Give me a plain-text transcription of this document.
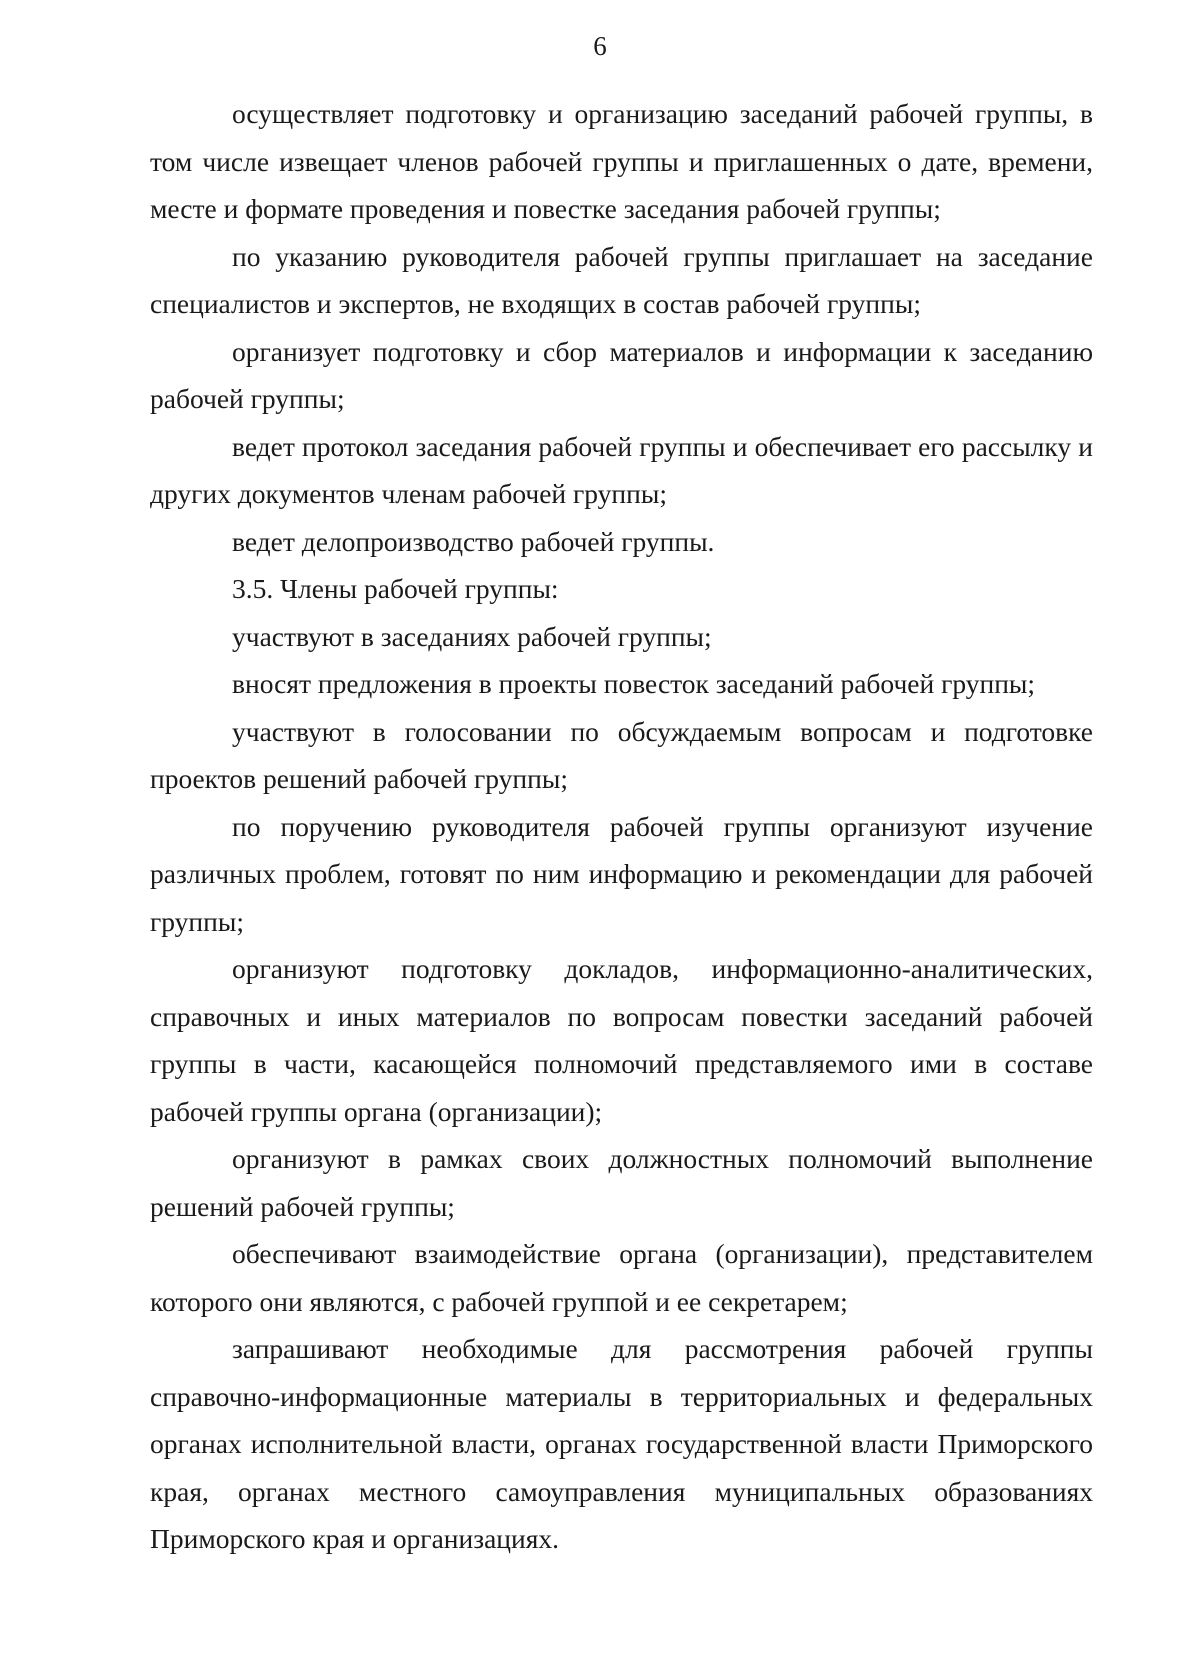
6

осуществляет подготовку и организацию заседаний рабочей группы, в том числе извещает членов рабочей группы и приглашенных о дате, времени, месте и формате проведения и повестке заседания рабочей группы;

по указанию руководителя рабочей группы приглашает на заседание специалистов и экспертов, не входящих в состав рабочей группы;

организует подготовку и сбор материалов и информации к заседанию рабочей группы;

ведет протокол заседания рабочей группы и обеспечивает его рассылку и других документов членам рабочей группы;

ведет делопроизводство рабочей группы.

3.5. Члены рабочей группы:

участвуют в заседаниях рабочей группы;

вносят предложения в проекты повесток заседаний рабочей группы;

участвуют в голосовании по обсуждаемым вопросам и подготовке проектов решений рабочей группы;

по поручению руководителя рабочей группы организуют изучение различных проблем, готовят по ним информацию и рекомендации для рабочей группы;

организуют подготовку докладов, информационно-аналитических, справочных и иных материалов по вопросам повестки заседаний рабочей группы в части, касающейся полномочий представляемого ими в составе рабочей группы органа (организации);

организуют в рамках своих должностных полномочий выполнение решений рабочей группы;

обеспечивают взаимодействие органа (организации), представителем которого они являются, с рабочей группой и ее секретарем;

запрашивают необходимые для рассмотрения рабочей группы справочно-информационные материалы в территориальных и федеральных органах исполнительной власти, органах государственной власти Приморского края, органах местного самоуправления муниципальных образованиях Приморского края и организациях.
